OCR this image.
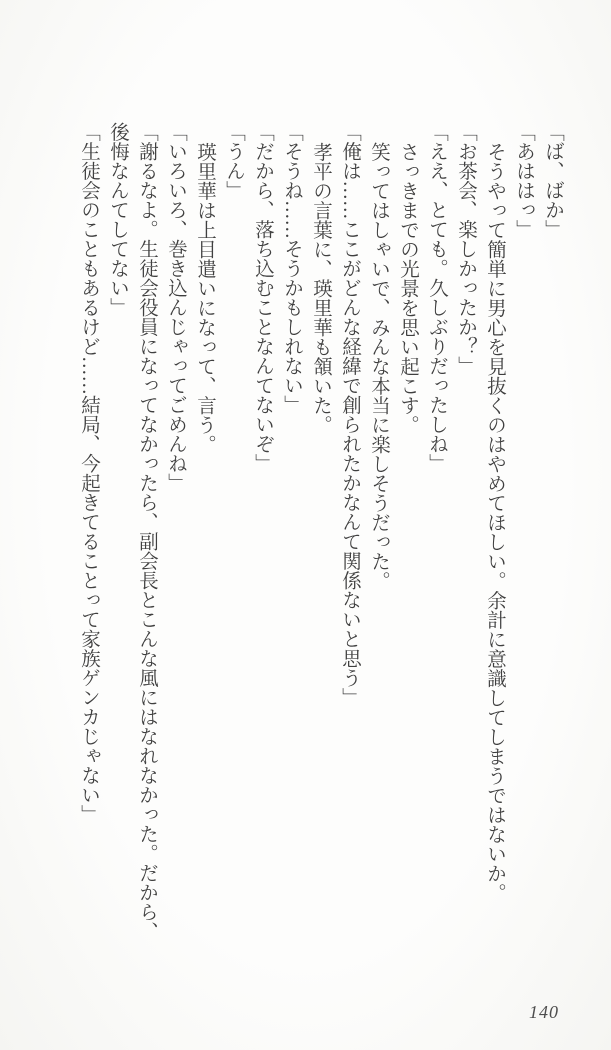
「ば、ばか」

「あははっ」

そうやって簡単に男心を見抜くのはやめてほしい。余計に意識してしまうではないか。

「お茶会、楽しかったか？」

「ええ、とても。久しぶりだったしね」

さっきまでの光景を思い起こす。

笑ってはしゃいで、みんな本当に楽しそうだった。

「俺は……ここがどんな経緯で創られたかなんて関係ないと思う」

孝平の言葉に、瑛里華も頷いた。

「そうね……そうかもしれない」

「だから、落ち込むことなんてないぞ」

「うん」

瑛里華は上目遣いになって、言う。

「いろいろ、巻き込んじゃってごめんね」

「謝るなよ。生徒会役員になってなかったら、副会長とこんな風にはなれなかった。だから、後悔なんてしてない」

「生徒会のこともあるけど……結局、今起きてることって家族ゲンカじゃない」

140
